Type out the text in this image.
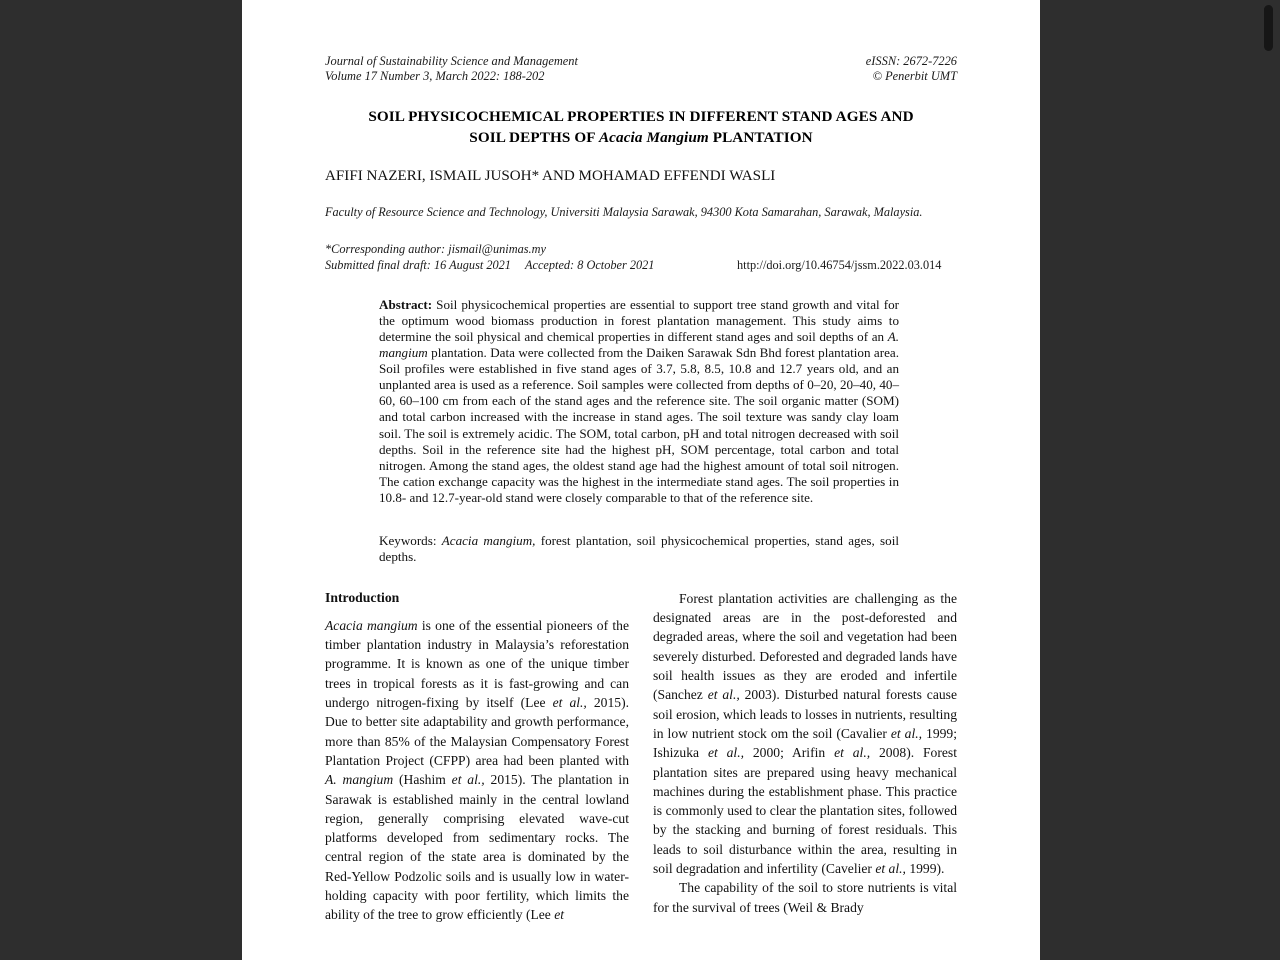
Journal of Sustainability Science and Management
Volume 17 Number 3, March 2022: 188-202
eISSN: 2672-7226
© Penerbit UMT
SOIL PHYSICOCHEMICAL PROPERTIES IN DIFFERENT STAND AGES AND
SOIL DEPTHS OF Acacia Mangium PLANTATION
AFIFI NAZERI, ISMAIL JUSOH* AND MOHAMAD EFFENDI WASLI
Faculty of Resource Science and Technology, Universiti Malaysia Sarawak, 94300 Kota Samarahan, Sarawak, Malaysia.
*Corresponding author: jismail@unimas.my
Submitted final draft: 16 August 2021 Accepted: 8 October 2021	http://doi.org/10.46754/jssm.2022.03.014
Abstract: Soil physicochemical properties are essential to support tree stand growth and vital for the optimum wood biomass production in forest plantation management. This study aims to determine the soil physical and chemical properties in different stand ages and soil depths of an A. mangium plantation. Data were collected from the Daiken Sarawak Sdn Bhd forest plantation area. Soil profiles were established in five stand ages of 3.7, 5.8, 8.5, 10.8 and 12.7 years old, and an unplanted area is used as a reference. Soil samples were collected from depths of 0–20, 20–40, 40–60, 60–100 cm from each of the stand ages and the reference site. The soil organic matter (SOM) and total carbon increased with the increase in stand ages. The soil texture was sandy clay loam soil. The soil is extremely acidic. The SOM, total carbon, pH and total nitrogen decreased with soil depths. Soil in the reference site had the highest pH, SOM percentage, total carbon and total nitrogen. Among the stand ages, the oldest stand age had the highest amount of total soil nitrogen. The cation exchange capacity was the highest in the intermediate stand ages. The soil properties in 10.8- and 12.7-year-old stand were closely comparable to that of the reference site.
Keywords: Acacia mangium, forest plantation, soil physicochemical properties, stand ages, soil depths.
Introduction

Acacia mangium is one of the essential pioneers of the timber plantation industry in Malaysia’s reforestation programme. It is known as one of the unique timber trees in tropical forests as it is fast-growing and can undergo nitrogen-fixing by itself (Lee et al., 2015). Due to better site adaptability and growth performance, more than 85% of the Malaysian Compensatory Forest Plantation Project (CFPP) area had been planted with A. mangium (Hashim et al., 2015). The plantation in Sarawak is established mainly in the central lowland region, generally comprising elevated wave-cut platforms developed from sedimentary rocks. The central region of the state area is dominated by the Red-Yellow Podzolic soils and is usually low in water-holding capacity with poor fertility, which limits the ability of the tree to grow efficiently (Lee et

Forest plantation activities are challenging as the designated areas are in the post-deforested and degraded areas, where the soil and vegetation had been severely disturbed. Deforested and degraded lands have soil health issues as they are eroded and infertile (Sanchez et al., 2003). Disturbed natural forests cause soil erosion, which leads to losses in nutrients, resulting in low nutrient stock om the soil (Cavalier et al., 1999; Ishizuka et al., 2000; Arifin et al., 2008). Forest plantation sites are prepared using heavy mechanical machines during the establishment phase. This practice is commonly used to clear the plantation sites, followed by the stacking and burning of forest residuals. This leads to soil disturbance within the area, resulting in soil degradation and infertility (Cavelier et al., 1999).

The capability of the soil to store nutrients is vital for the survival of trees (Weil & Brady
